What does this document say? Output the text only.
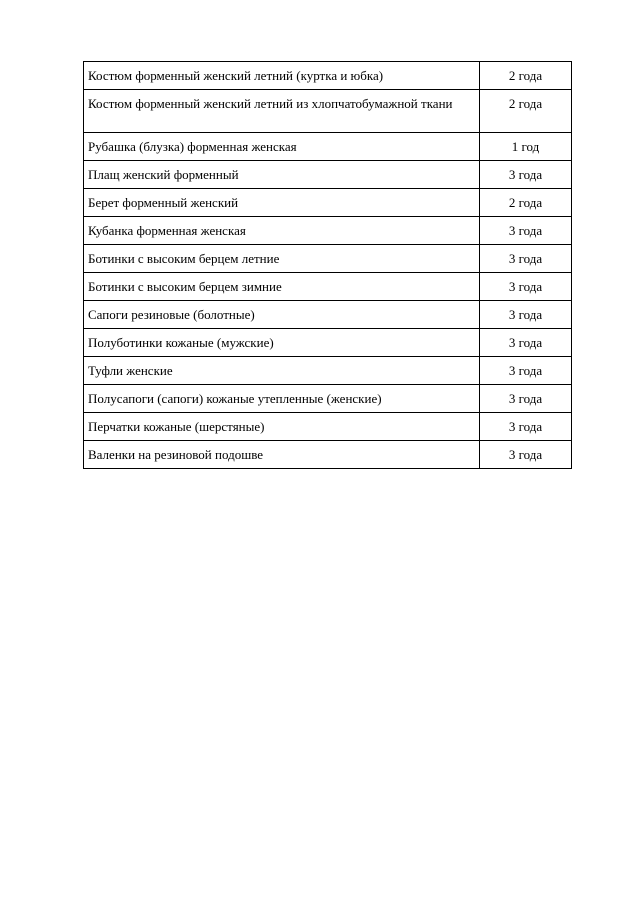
Костюм форменный женский летний (куртка и юбка)	2 года
Костюм форменный женский летний из хлопчатобумажной ткани	2 года
Рубашка (блузка) форменная женская	1 год
Плащ женский форменный	3 года
Берет форменный женский	2 года
Кубанка форменная женская	3 года
Ботинки с высоким берцем летние	3 года
Ботинки с высоким берцем зимние	3 года
Сапоги резиновые (болотные)	3 года
Полуботинки кожаные (мужские)	3 года
Туфли женские	3 года
Полусапоги (сапоги) кожаные утепленные (женские)	3 года
Перчатки кожаные (шерстяные)	3 года
Валенки на резиновой подошве	3 года
